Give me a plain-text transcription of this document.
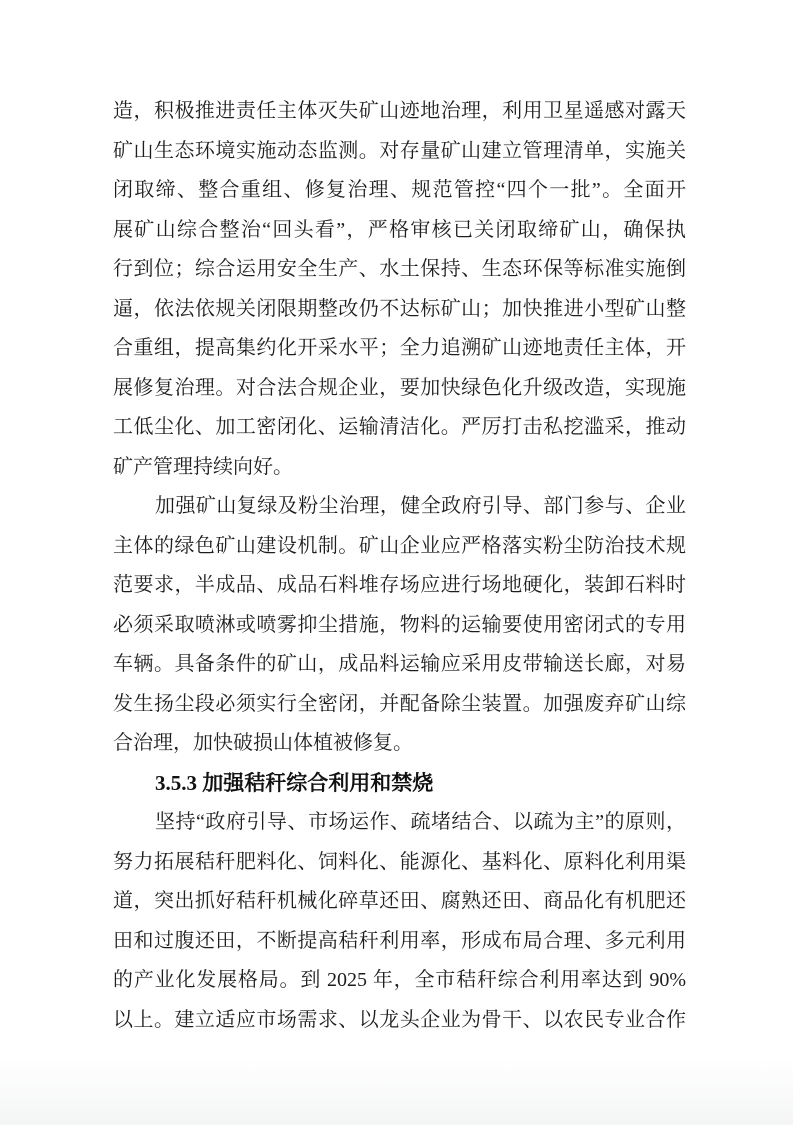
造，积极推进责任主体灭失矿山迹地治理，利用卫星遥感对露天
矿山生态环境实施动态监测。对存量矿山建立管理清单，实施关
闭取缔、整合重组、修复治理、规范管控“四个一批”。全面开
展矿山综合整治“回头看”，严格审核已关闭取缔矿山，确保执
行到位；综合运用安全生产、水土保持、生态环保等标准实施倒
逼，依法依规关闭限期整改仍不达标矿山；加快推进小型矿山整
合重组，提高集约化开采水平；全力追溯矿山迹地责任主体，开
展修复治理。对合法合规企业，要加快绿色化升级改造，实现施
工低尘化、加工密闭化、运输清洁化。严厉打击私挖滥采，推动
矿产管理持续向好。
加强矿山复绿及粉尘治理，健全政府引导、部门参与、企业
主体的绿色矿山建设机制。矿山企业应严格落实粉尘防治技术规
范要求，半成品、成品石料堆存场应进行场地硬化，装卸石料时
必须采取喷淋或喷雾抑尘措施，物料的运输要使用密闭式的专用
车辆。具备条件的矿山，成品料运输应采用皮带输送长廊，对易
发生扬尘段必须实行全密闭，并配备除尘装置。加强废弃矿山综
合治理，加快破损山体植被修复。
3.5.3 加强秸秆综合利用和禁烧
坚持“政府引导、市场运作、疏堵结合、以疏为主”的原则，
努力拓展秸秆肥料化、饲料化、能源化、基料化、原料化利用渠
道，突出抓好秸秆机械化碎草还田、腐熟还田、商品化有机肥还
田和过腹还田，不断提高秸秆利用率，形成布局合理、多元利用
的产业化发展格局。到 2025 年，全市秸秆综合利用率达到 90%
以上。建立适应市场需求、以龙头企业为骨干、以农民专业合作
